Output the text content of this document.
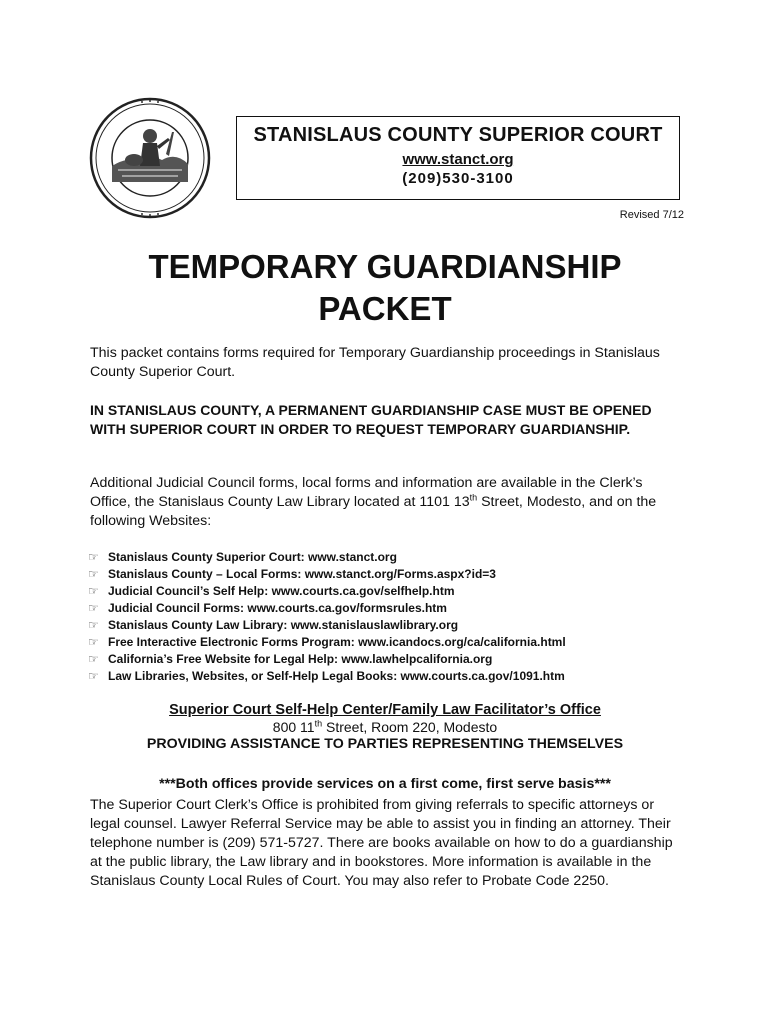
STANISLAUS COUNTY SUPERIOR COURT
www.stanct.org
(209)530-3100
Revised 7/12
TEMPORARY GUARDIANSHIP
PACKET
This packet contains forms required for Temporary Guardianship proceedings in Stanislaus County Superior Court.
IN STANISLAUS COUNTY, A PERMANENT GUARDIANSHIP CASE MUST BE OPENED WITH SUPERIOR COURT IN ORDER TO REQUEST TEMPORARY GUARDIANSHIP.
Additional Judicial Council forms, local forms and information are available in the Clerk’s Office, the Stanislaus County Law Library located at 1101 13th Street, Modesto, and on the following Websites:
☞ Stanislaus County Superior Court: www.stanct.org
☞ Stanislaus County – Local Forms: www.stanct.org/Forms.aspx?id=3
☞ Judicial Council’s Self Help: www.courts.ca.gov/selfhelp.htm
☞ Judicial Council Forms: www.courts.ca.gov/formsrules.htm
☞ Stanislaus County Law Library: www.stanislauslawlibrary.org
☞ Free Interactive Electronic Forms Program: www.icandocs.org/ca/california.html
☞ California’s Free Website for Legal Help: www.lawhelpcalifornia.org
☞ Law Libraries, Websites, or Self-Help Legal Books: www.courts.ca.gov/1091.htm
Superior Court Self-Help Center/Family Law Facilitator’s Office
800 11th Street, Room 220, Modesto
PROVIDING ASSISTANCE TO PARTIES REPRESENTING THEMSELVES
***Both offices provide services on a first come, first serve basis***
The Superior Court Clerk’s Office is prohibited from giving referrals to specific attorneys or legal counsel. Lawyer Referral Service may be able to assist you in finding an attorney. Their telephone number is (209) 571-5727. There are books available on how to do a guardianship at the public library, the Law library and in bookstores. More information is available in the Stanislaus County Local Rules of Court. You may also refer to Probate Code 2250.
